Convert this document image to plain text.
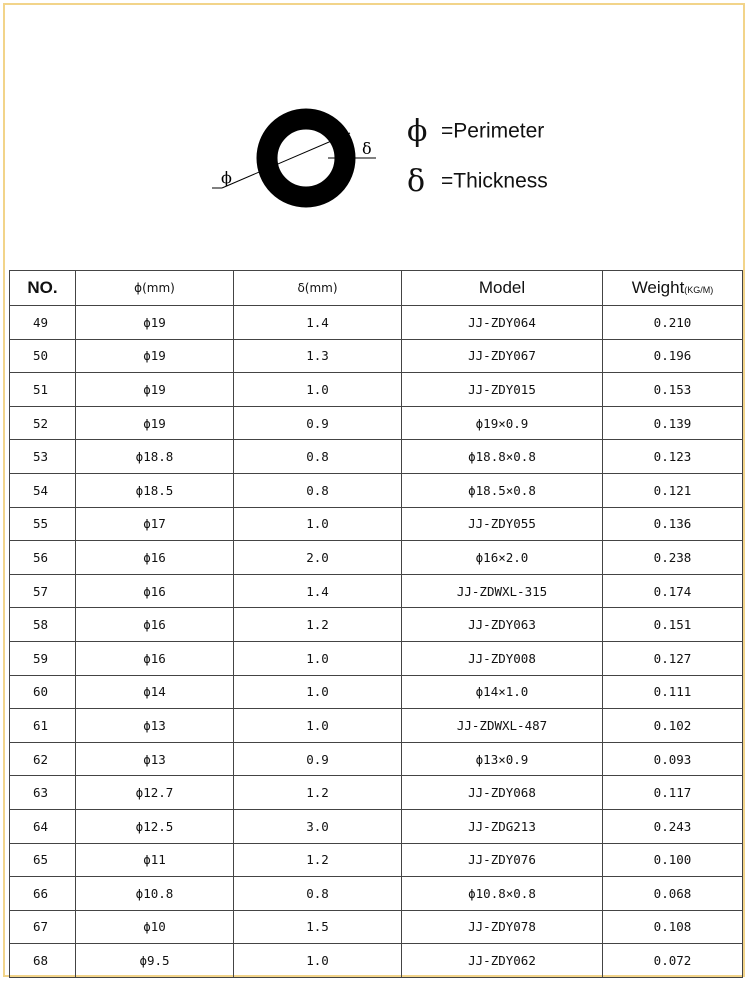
ϕ
δ ϕ =Perimeter
δ =Thickness
NO.	ϕ(mm)	δ(mm)	Model	Weight(KG/M)
49	ϕ19	1.4	JJ-ZDY064	0.210
50	ϕ19	1.3	JJ-ZDY067	0.196
51	ϕ19	1.0	JJ-ZDY015	0.153
52	ϕ19	0.9	ϕ19×0.9	0.139
53	ϕ18.8	0.8	ϕ18.8×0.8	0.123
54	ϕ18.5	0.8	ϕ18.5×0.8	0.121
55	ϕ17	1.0	JJ-ZDY055	0.136
56	ϕ16	2.0	ϕ16×2.0	0.238
57	ϕ16	1.4	JJ-ZDWXL-315	0.174
58	ϕ16	1.2	JJ-ZDY063	0.151
59	ϕ16	1.0	JJ-ZDY008	0.127
60	ϕ14	1.0	ϕ14×1.0	0.111
61	ϕ13	1.0	JJ-ZDWXL-487	0.102
62	ϕ13	0.9	ϕ13×0.9	0.093
63	ϕ12.7	1.2	JJ-ZDY068	0.117
64	ϕ12.5	3.0	JJ-ZDG213	0.243
65	ϕ11	1.2	JJ-ZDY076	0.100
66	ϕ10.8	0.8	ϕ10.8×0.8	0.068
67	ϕ10	1.5	JJ-ZDY078	0.108
68	ϕ9.5	1.0	JJ-ZDY062	0.072
